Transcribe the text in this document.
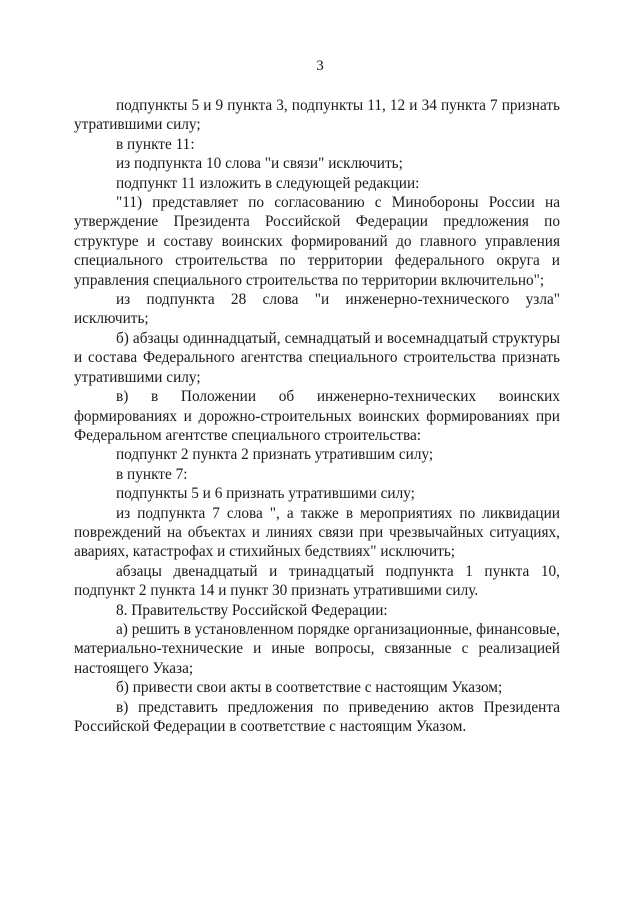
3

подпункты 5 и 9 пункта 3, подпункты 11, 12 и 34 пункта 7 признать утратившими силу;

в пункте 11:

из подпункта 10 слова "и связи" исключить;

подпункт 11 изложить в следующей редакции:

"11) представляет по согласованию с Минобороны России на утверждение Президента Российской Федерации предложения по структуре и составу воинских формирований до главного управления специального строительства по территории федерального округа и управления специального строительства по территории включительно";

из подпункта 28 слова "и инженерно-технического узла" исключить;

б) абзацы одиннадцатый, семнадцатый и восемнадцатый структуры и состава Федерального агентства специального строительства признать утратившими силу;

в) в Положении об инженерно-технических воинских формированиях и дорожно-строительных воинских формированиях при Федеральном агентстве специального строительства:

подпункт 2 пункта 2 признать утратившим силу;

в пункте 7:

подпункты 5 и 6 признать утратившими силу;

из подпункта 7 слова ", а также в мероприятиях по ликвидации повреждений на объектах и линиях связи при чрезвычайных ситуациях, авариях, катастрофах и стихийных бедствиях" исключить;

абзацы двенадцатый и тринадцатый подпункта 1 пункта 10, подпункт 2 пункта 14 и пункт 30 признать утратившими силу.

8. Правительству Российской Федерации:

а) решить в установленном порядке организационные, финансовые, материально-технические и иные вопросы, связанные с реализацией настоящего Указа;

б) привести свои акты в соответствие с настоящим Указом;

в) представить предложения по приведению актов Президента Российской Федерации в соответствие с настоящим Указом.
